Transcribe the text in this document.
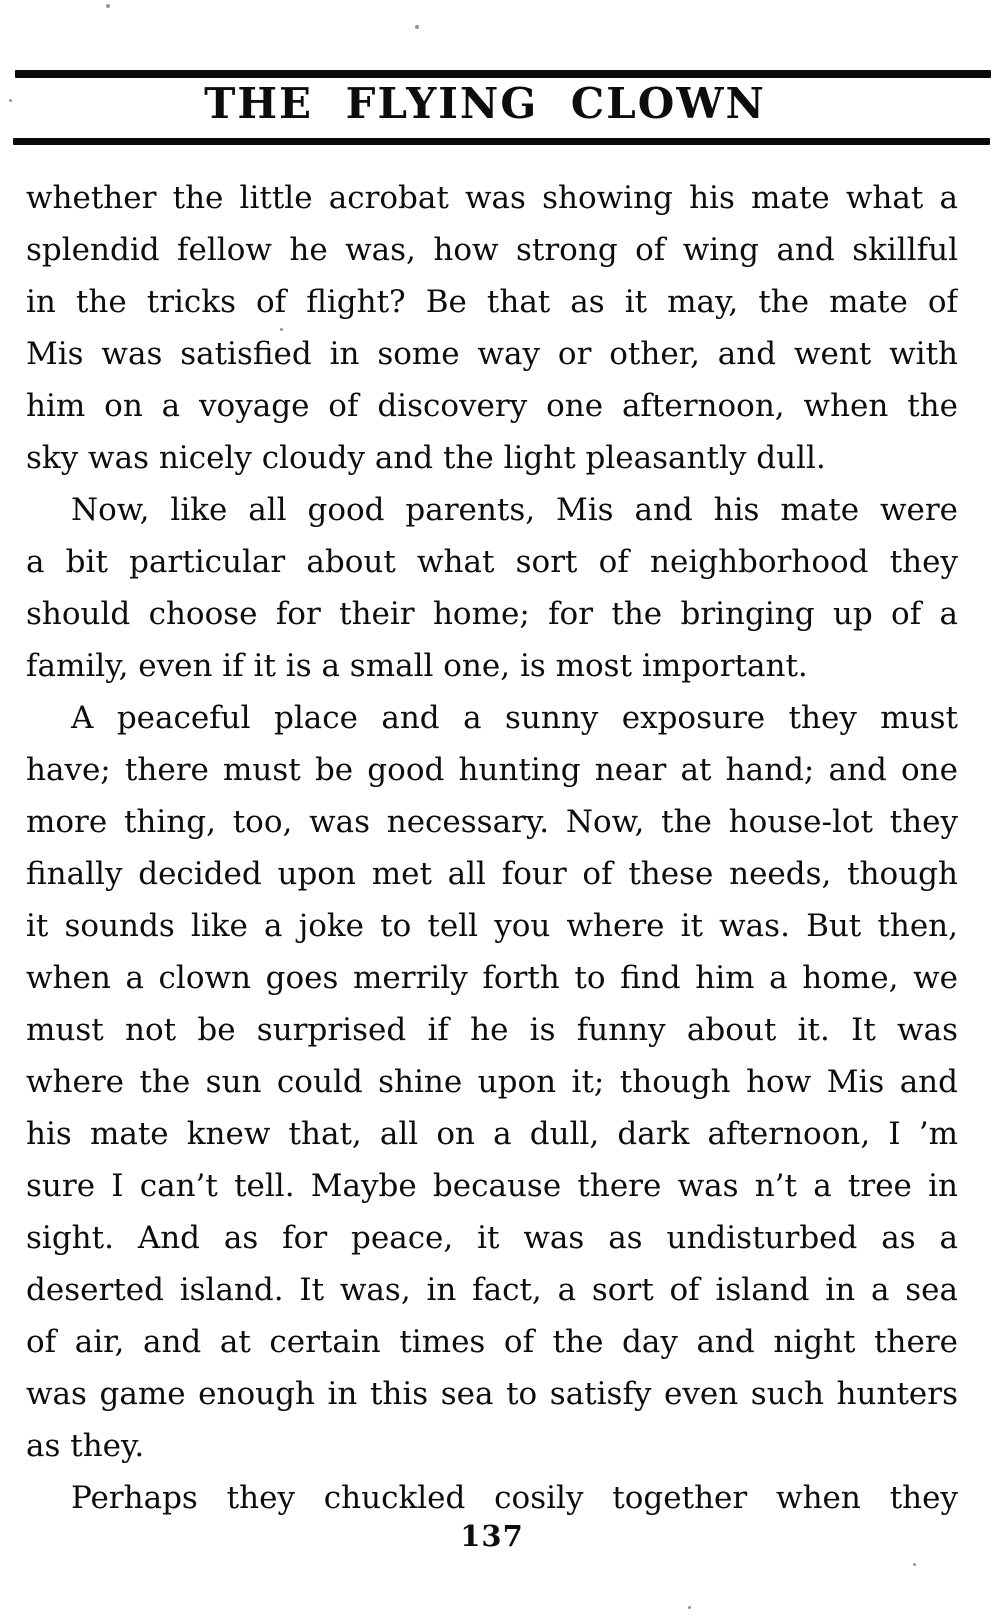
THE FLYING CLOWN
whether the little acrobat was showing his mate what a
splendid fellow he was, how strong of wing and skillful
in the tricks of flight? Be that as it may, the mate of
Mis was satisfied in some way or other, and went with
him on a voyage of discovery one afternoon, when the
sky was nicely cloudy and the light pleasantly dull.
Now, like all good parents, Mis and his mate were
a bit particular about what sort of neighborhood they
should choose for their home; for the bringing up of a
family, even if it is a small one, is most important.
A peaceful place and a sunny exposure they must
have; there must be good hunting near at hand; and one
more thing, too, was necessary. Now, the house-lot they
finally decided upon met all four of these needs, though
it sounds like a joke to tell you where it was. But then,
when a clown goes merrily forth to find him a home, we
must not be surprised if he is funny about it. It was
where the sun could shine upon it; though how Mis and
his mate knew that, all on a dull, dark afternoon, I ’m
sure I can’t tell. Maybe because there was n’t a tree in
sight. And as for peace, it was as undisturbed as a
deserted island. It was, in fact, a sort of island in a sea
of air, and at certain times of the day and night there
was game enough in this sea to satisfy even such hunters
as they.
Perhaps they chuckled cosily together when they
137
